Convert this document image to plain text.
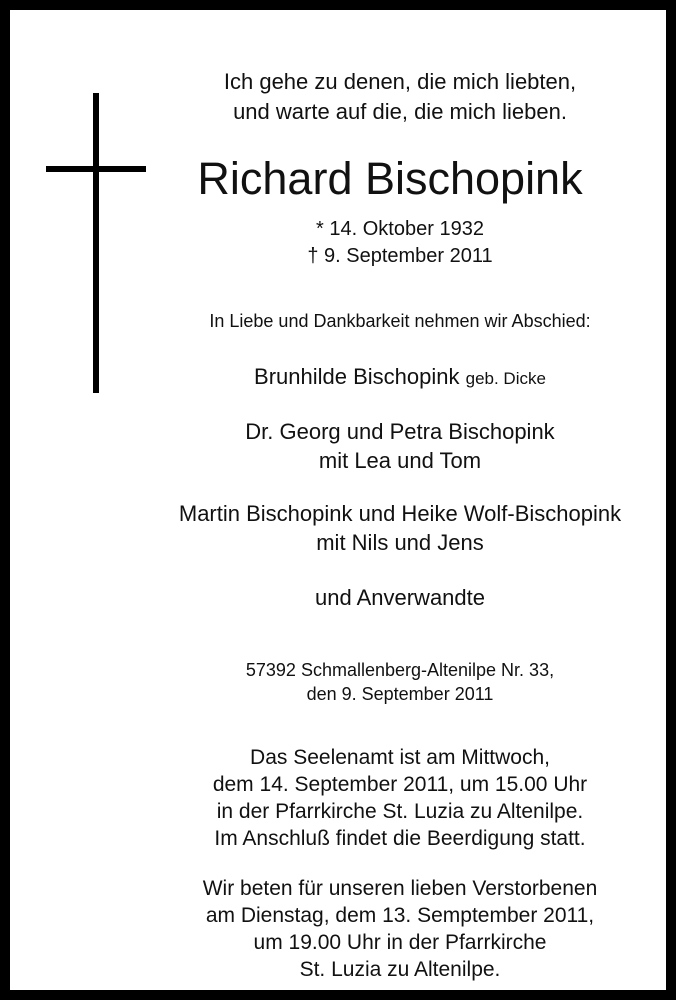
Ich gehe zu denen, die mich liebten,
und warte auf die, die mich lieben.
Richard Bischopink
* 14. Oktober 1932
† 9. September 2011
In Liebe und Dankbarkeit nehmen wir Abschied:
Brunhilde Bischopink geb. Dicke
Dr. Georg und Petra Bischopink
mit Lea und Tom
Martin Bischopink und Heike Wolf-Bischopink
mit Nils und Jens
und Anverwandte
57392 Schmallenberg-Altenilpe Nr. 33,
den 9. September 2011
Das Seelenamt ist am Mittwoch,
dem 14. September 2011, um 15.00 Uhr
in der Pfarrkirche St. Luzia zu Altenilpe.
Im Anschluß findet die Beerdigung statt.
Wir beten für unseren lieben Verstorbenen
am Dienstag, dem 13. Semptember 2011,
um 19.00 Uhr in der Pfarrkirche
St. Luzia zu Altenilpe.
